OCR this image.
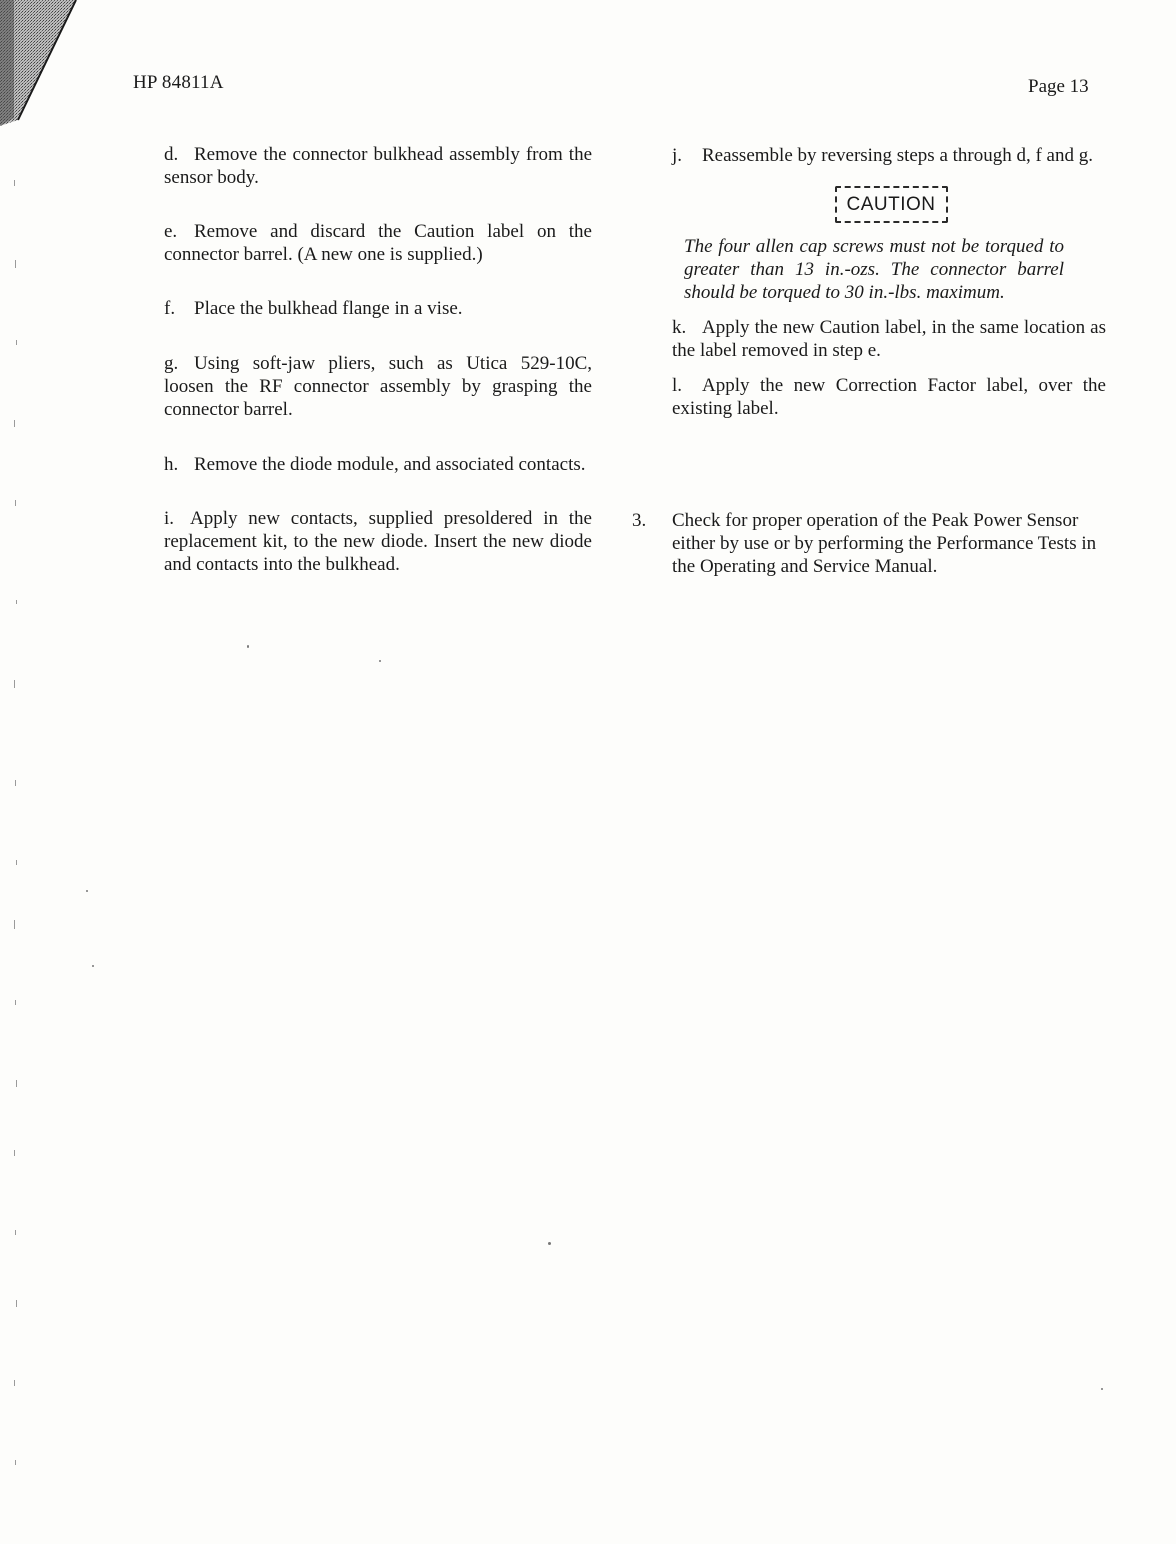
HP 84811A	Page 13

d. Remove the connector bulkhead assembly from the sensor body.

e. Remove and discard the Caution label on the connector barrel. (A new one is supplied.)

f. Place the bulkhead flange in a vise.

g. Using soft-jaw pliers, such as Utica 529-10C, loosen the RF connector assembly by grasping the connector barrel.

h. Remove the diode module, and associated contacts.

i. Apply new contacts, supplied presoldered in the replacement kit, to the new diode. Insert the new diode and contacts into the bulkhead.

j. Reassemble by reversing steps a through d, f and g.

CAUTION

The four allen cap screws must not be torqued to greater than 13 in.-ozs. The connector barrel should be torqued to 30 in.-lbs. maximum.

k. Apply the new Caution label, in the same location as the label removed in step e.

l. Apply the new Correction Factor label, over the existing label.

3. Check for proper operation of the Peak Power Sensor either by use or by performing the Performance Tests in the Operating and Service Manual.
